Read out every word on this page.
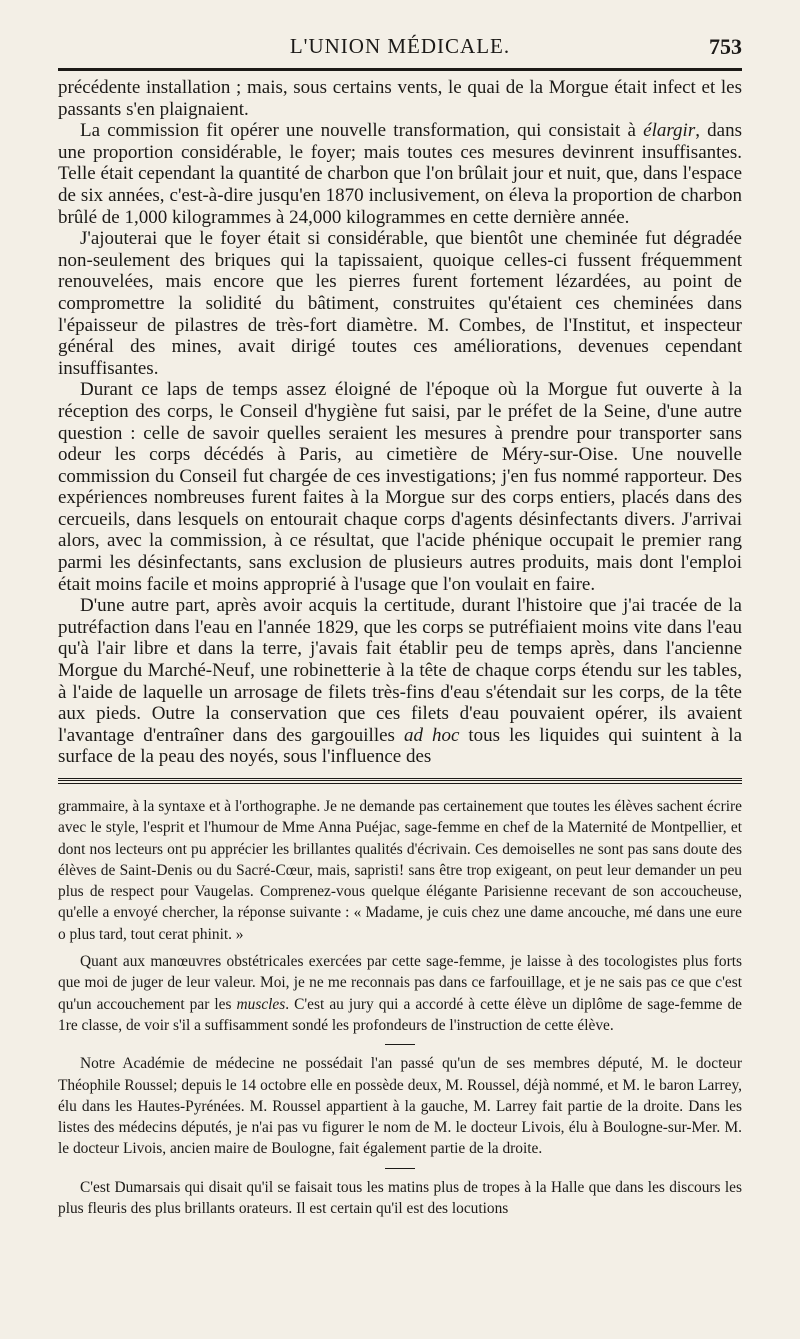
L'UNION MÉDICALE.	753

précédente installation ; mais, sous certains vents, le quai de la Morgue était infect et les passants s'en plaignaient.

La commission fit opérer une nouvelle transformation, qui consistait à élargir, dans une proportion considérable, le foyer; mais toutes ces mesures devinrent insuffisantes. Telle était cependant la quantité de charbon que l'on brûlait jour et nuit, que, dans l'espace de six années, c'est-à-dire jusqu'en 1870 inclusivement, on éleva la proportion de charbon brûlé de 1,000 kilogrammes à 24,000 kilogrammes en cette dernière année.

J'ajouterai que le foyer était si considérable, que bientôt une cheminée fut dégradée non-seulement des briques qui la tapissaient, quoique celles-ci fussent fréquemment renouvelées, mais encore que les pierres furent fortement lézardées, au point de compromettre la solidité du bâtiment, construites qu'étaient ces cheminées dans l'épaisseur de pilastres de très-fort diamètre. M. Combes, de l'Institut, et inspecteur général des mines, avait dirigé toutes ces améliorations, devenues cependant insuffisantes.

Durant ce laps de temps assez éloigné de l'époque où la Morgue fut ouverte à la réception des corps, le Conseil d'hygiène fut saisi, par le préfet de la Seine, d'une autre question : celle de savoir quelles seraient les mesures à prendre pour transporter sans odeur les corps décédés à Paris, au cimetière de Méry-sur-Oise. Une nouvelle commission du Conseil fut chargée de ces investigations; j'en fus nommé rapporteur. Des expériences nombreuses furent faites à la Morgue sur des corps entiers, placés dans des cercueils, dans lesquels on entourait chaque corps d'agents désinfectants divers. J'arrivai alors, avec la commission, à ce résultat, que l'acide phénique occupait le premier rang parmi les désinfectants, sans exclusion de plusieurs autres produits, mais dont l'emploi était moins facile et moins approprié à l'usage que l'on voulait en faire.

D'une autre part, après avoir acquis la certitude, durant l'histoire que j'ai tracée de la putréfaction dans l'eau en l'année 1829, que les corps se putréfiaient moins vite dans l'eau qu'à l'air libre et dans la terre, j'avais fait établir peu de temps après, dans l'ancienne Morgue du Marché-Neuf, une robinetterie à la tête de chaque corps étendu sur les tables, à l'aide de laquelle un arrosage de filets très-fins d'eau s'étendait sur les corps, de la tête aux pieds. Outre la conservation que ces filets d'eau pouvaient opérer, ils avaient l'avantage d'entraîner dans des gargouilles ad hoc tous les liquides qui suintent à la surface de la peau des noyés, sous l'influence des

grammaire, à la syntaxe et à l'orthographe. Je ne demande pas certainement que toutes les élèves sachent écrire avec le style, l'esprit et l'humour de Mme Anna Puéjac, sage-femme en chef de la Maternité de Montpellier, et dont nos lecteurs ont pu apprécier les brillantes qualités d'écrivain. Ces demoiselles ne sont pas sans doute des élèves de Saint-Denis ou du Sacré-Cœur, mais, sapristi! sans être trop exigeant, on peut leur demander un peu plus de respect pour Vaugelas. Comprenez-vous quelque élégante Parisienne recevant de son accoucheuse, qu'elle a envoyé chercher, la réponse suivante : « Madame, je cuis chez une dame ancouche, mé dans une eure o plus tard, tout cerat phinit. »

Quant aux manœuvres obstétricales exercées par cette sage-femme, je laisse à des tocologistes plus forts que moi de juger de leur valeur. Moi, je ne me reconnais pas dans ce farfouillage, et je ne sais pas ce que c'est qu'un accouchement par les muscles. C'est au jury qui a accordé à cette élève un diplôme de sage-femme de 1re classe, de voir s'il a suffisamment sondé les profondeurs de l'instruction de cette élève.

Notre Académie de médecine ne possédait l'an passé qu'un de ses membres député, M. le docteur Théophile Roussel; depuis le 14 octobre elle en possède deux, M. Roussel, déjà nommé, et M. le baron Larrey, élu dans les Hautes-Pyrénées. M. Roussel appartient à la gauche, M. Larrey fait partie de la droite. Dans les listes des médecins députés, je n'ai pas vu figurer le nom de M. le docteur Livois, élu à Boulogne-sur-Mer. M. le docteur Livois, ancien maire de Boulogne, fait également partie de la droite.

C'est Dumarsais qui disait qu'il se faisait tous les matins plus de tropes à la Halle que dans les discours les plus fleuris des plus brillants orateurs. Il est certain qu'il est des locutions
